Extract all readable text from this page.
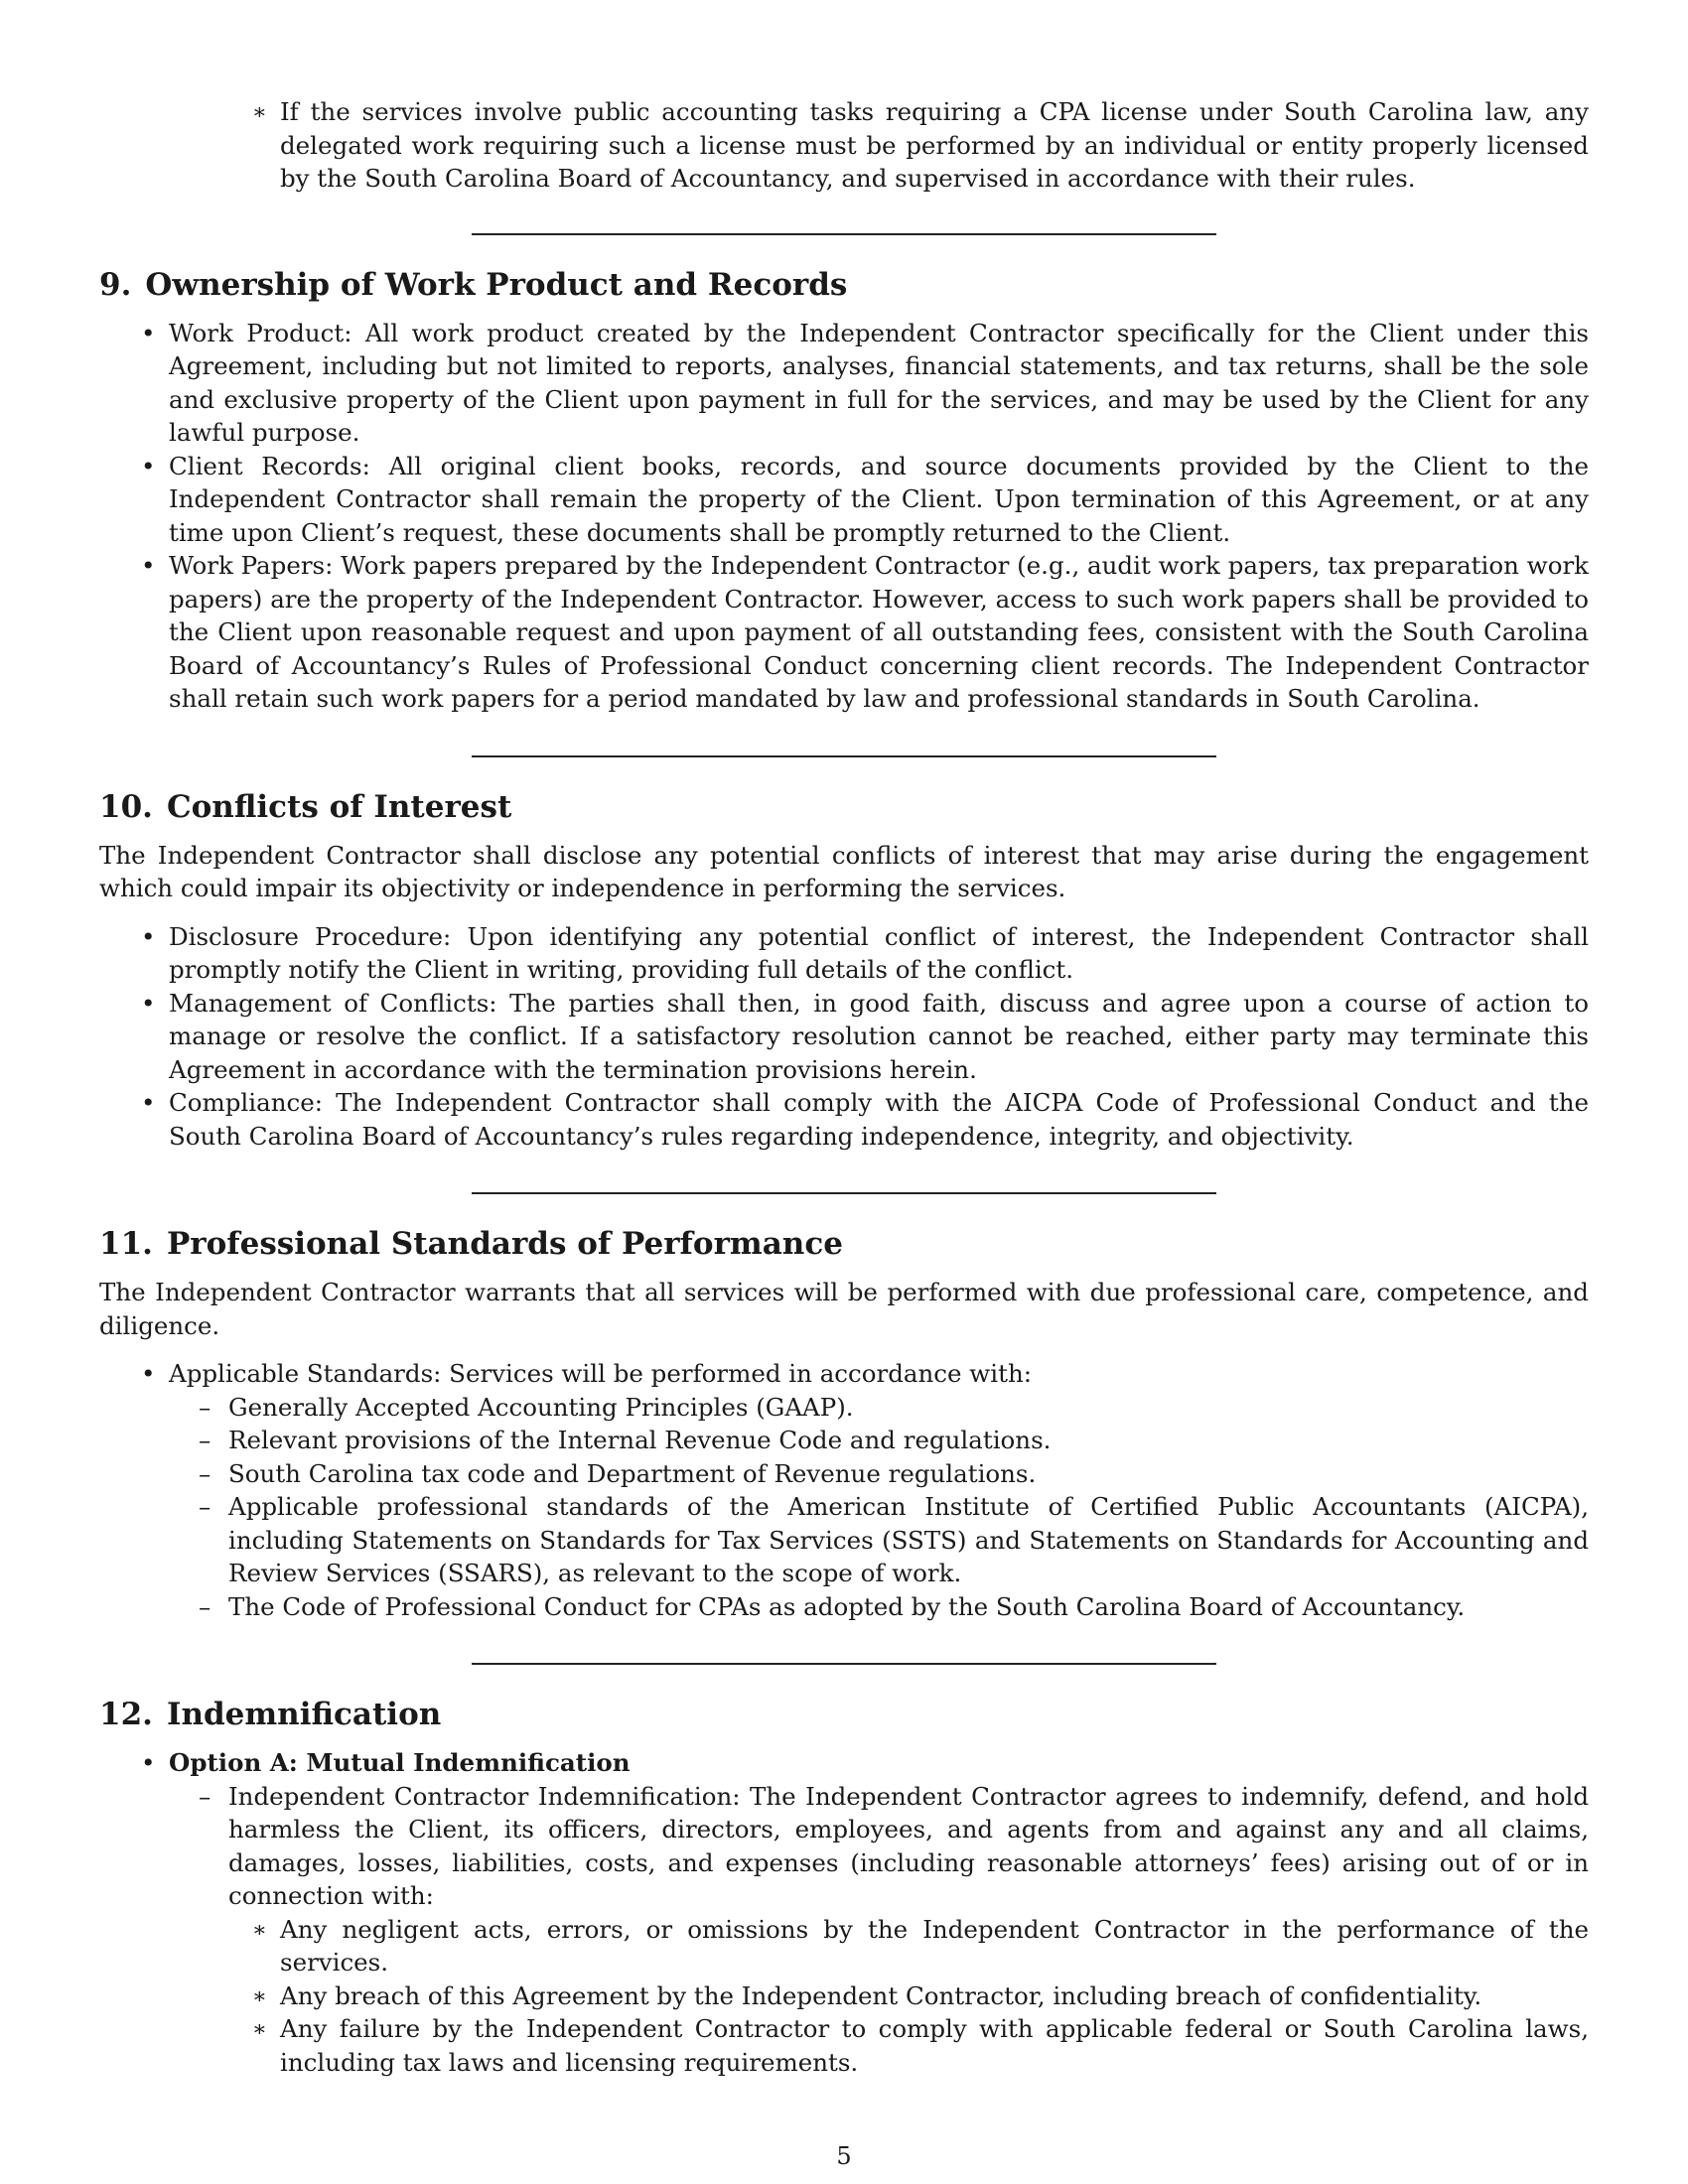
∗ If the services involve public accounting tasks requiring a CPA license under South Carolina law, any delegated work requiring such a license must be performed by an individual or entity properly licensed by the South Carolina Board of Accountancy, and supervised in accordance with their rules.
9. Ownership of Work Product and Records
• Work Product: All work product created by the Independent Contractor specifically for the Client under this Agreement, including but not limited to reports, analyses, financial statements, and tax returns, shall be the sole and exclusive property of the Client upon payment in full for the services, and may be used by the Client for any lawful purpose.
• Client Records: All original client books, records, and source documents provided by the Client to the Independent Contractor shall remain the property of the Client. Upon termination of this Agreement, or at any time upon Client’s request, these documents shall be promptly returned to the Client.
• Work Papers: Work papers prepared by the Independent Contractor (e.g., audit work papers, tax preparation work papers) are the property of the Independent Contractor. However, access to such work papers shall be provided to the Client upon reasonable request and upon payment of all outstanding fees, consistent with the South Carolina Board of Accountancy’s Rules of Professional Conduct concerning client records. The Independent Contractor shall retain such work papers for a period mandated by law and professional standards in South Carolina.
10. Conflicts of Interest

The Independent Contractor shall disclose any potential conflicts of interest that may arise during the engagement which could impair its objectivity or independence in performing the services.

• Disclosure Procedure: Upon identifying any potential conflict of interest, the Independent Contractor shall promptly notify the Client in writing, providing full details of the conflict.
• Management of Conflicts: The parties shall then, in good faith, discuss and agree upon a course of action to manage or resolve the conflict. If a satisfactory resolution cannot be reached, either party may terminate this Agreement in accordance with the termination provisions herein.
• Compliance: The Independent Contractor shall comply with the AICPA Code of Professional Conduct and the South Carolina Board of Accountancy’s rules regarding independence, integrity, and objectivity.
11. Professional Standards of Performance

The Independent Contractor warrants that all services will be performed with due professional care, competence, and diligence.

• Applicable Standards: Services will be performed in accordance with:
– Generally Accepted Accounting Principles (GAAP).
– Relevant provisions of the Internal Revenue Code and regulations.
– South Carolina tax code and Department of Revenue regulations.
– Applicable professional standards of the American Institute of Certified Public Accountants (AICPA), including Statements on Standards for Tax Services (SSTS) and Statements on Standards for Accounting and Review Services (SSARS), as relevant to the scope of work.
– The Code of Professional Conduct for CPAs as adopted by the South Carolina Board of Accountancy.
12. Indemnification
• Option A: Mutual Indemnification
– Independent Contractor Indemnification: The Independent Contractor agrees to indemnify, defend, and hold harmless the Client, its officers, directors, employees, and agents from and against any and all claims, damages, losses, liabilities, costs, and expenses (including reasonable attorneys’ fees) arising out of or in connection with:
∗ Any negligent acts, errors, or omissions by the Independent Contractor in the performance of the services.
∗ Any breach of this Agreement by the Independent Contractor, including breach of confidentiality.
∗ Any failure by the Independent Contractor to comply with applicable federal or South Carolina laws, including tax laws and licensing requirements.
5
